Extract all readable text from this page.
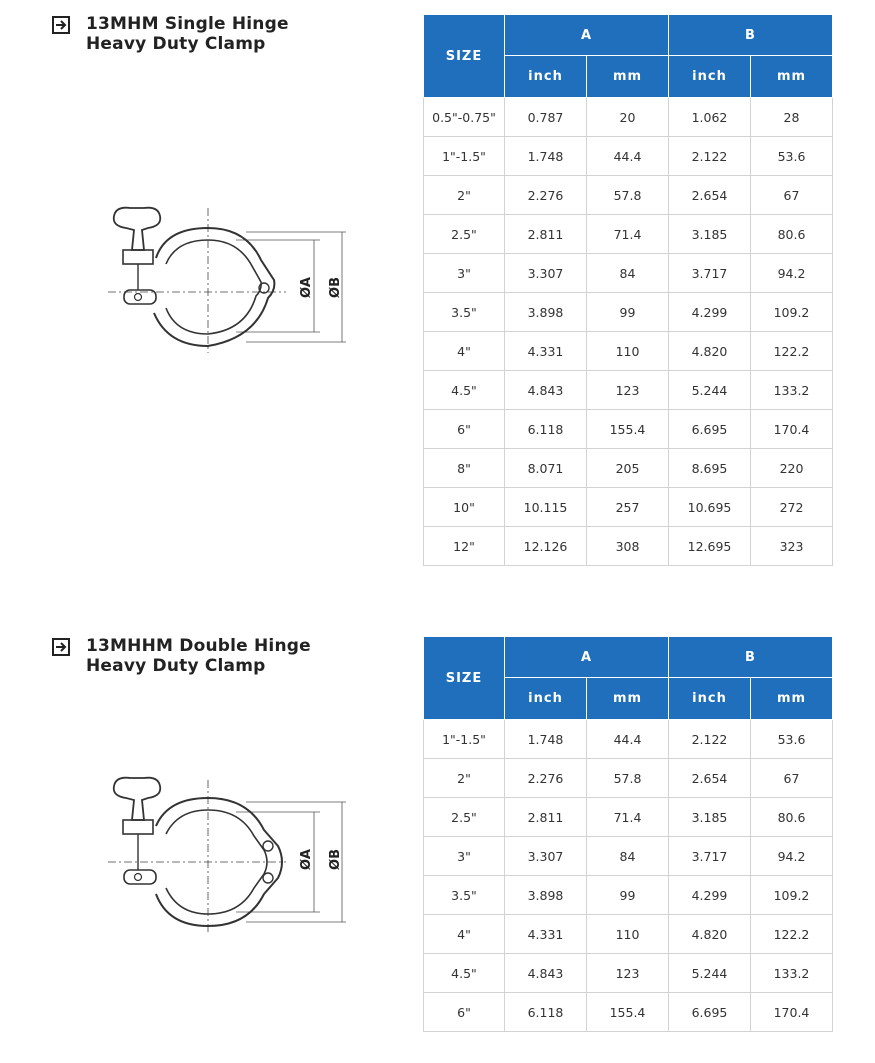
13MHM Single Hinge
Heavy Duty Clamp
ØA ØB
SIZE	A		B	
	inch	mm	inch	mm
0.5"-0.75"	0.787	20	1.062	28
1"-1.5"	1.748	44.4	2.122	53.6
2"	2.276	57.8	2.654	67
2.5"	2.811	71.4	3.185	80.6
3"	3.307	84	3.717	94.2
3.5"	3.898	99	4.299	109.2
4"	4.331	110	4.820	122.2
4.5"	4.843	123	5.244	133.2
6"	6.118	155.4	6.695	170.4
8"	8.071	205	8.695	220
10"	10.115	257	10.695	272
12"	12.126	308	12.695	323
13MHHM Double Hinge
Heavy Duty Clamp
ØA ØB
SIZE	A		B	
	inch	mm	inch	mm
1"-1.5"	1.748	44.4	2.122	53.6
2"	2.276	57.8	2.654	67
2.5"	2.811	71.4	3.185	80.6
3"	3.307	84	3.717	94.2
3.5"	3.898	99	4.299	109.2
4"	4.331	110	4.820	122.2
4.5"	4.843	123	5.244	133.2
6"	6.118	155.4	6.695	170.4
